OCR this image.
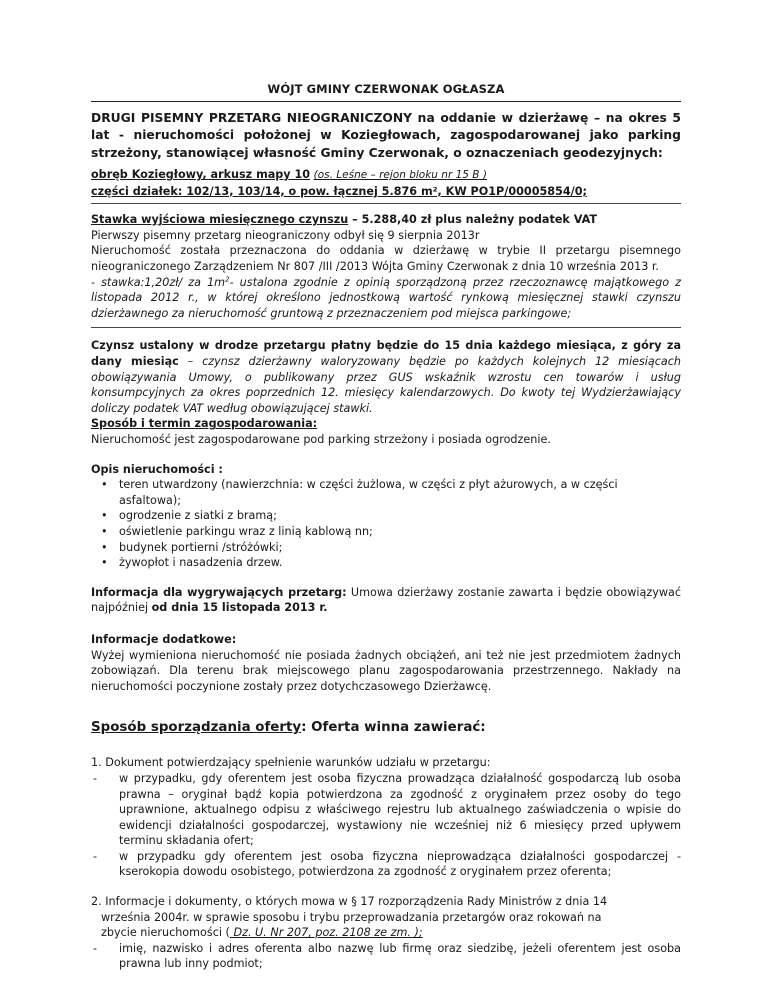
WÓJT GMINY CZERWONAK OGŁASZA

DRUGI PISEMNY PRZETARG NIEOGRANICZONY na oddanie w dzierżawę – na okres 5 lat - nieruchomości położonej w Koziegłowach, zagospodarowanej jako parking strzeżony, stanowiącej własność Gminy Czerwonak, o oznaczeniach geodezyjnych:

obręb Koziegłowy, arkusz mapy 10 (os. Leśne – rejon bloku nr 15 B )

części działek: 102/13, 103/14, o pow. łącznej 5.876 m², KW PO1P/00005854/0;

Stawka wyjściowa miesięcznego czynszu – 5.288,40 zł plus należny podatek VAT

Pierwszy pisemny przetarg nieograniczony odbył się 9 sierpnia 2013r

Nieruchomość została przeznaczona do oddania w dzierżawę w trybie II przetargu pisemnego nieograniczonego Zarządzeniem Nr 807 /III /2013 Wójta Gminy Czerwonak z dnia 10 września 2013 r.

- stawka:1,20zł/ za $1m^2-$ ustalona zgodnie z opinią sporządzoną przez rzeczoznawcę majątkowego z listopada 2012 r., w której określono jednostkową wartość rynkową miesięcznej stawki czynszu dzierżawnego za nieruchomość gruntową z przeznaczeniem pod miejsca parkingowe;

Czynsz ustalony w drodze przetargu płatny będzie do 15 dnia każdego miesiąca, z góry za dany miesiąc – czynsz dzierżawny waloryzowany będzie po każdych kolejnych 12 miesiącach obowiązywania Umowy, o publikowany przez GUS wskaźnik wzrostu cen towarów i usług konsumpcyjnych za okres poprzednich 12. miesięcy kalendarzowych. Do kwoty tej Wydzierżawiający doliczy podatek VAT według obowiązującej stawki.

Sposób i termin zagospodarowania:

Nieruchomość jest zagospodarowane pod parking strzeżony i posiada ogrodzenie.

Opis nieruchomości :

• teren utwardzony (nawierzchnia: w części żużlowa, w części z płyt ażurowych, a w części asfaltowa);
• ogrodzenie z siatki z bramą;
• oświetlenie parkingu wraz z linią kablową nn;
• budynek portierni /stróżówki;
• żywopłot i nasadzenia drzew.

Informacja dla wygrywających przetarg: Umowa dzierżawy zostanie zawarta i będzie obowiązywać najpóźniej od dnia 15 listopada 2013 r.

Informacje dodatkowe:

Wyżej wymieniona nieruchomość nie posiada żadnych obciążeń, ani też nie jest przedmiotem żadnych zobowiązań. Dla terenu brak miejscowego planu zagospodarowania przestrzennego. Nakłady na nieruchomości poczynione zostały przez dotychczasowego Dzierżawcę.

Sposób sporządzania oferty: Oferta winna zawierać:

1. Dokument potwierdzający spełnienie warunków udziału w przetargu:

- w przypadku, gdy oferentem jest osoba fizyczna prowadząca działalność gospodarczą lub osoba prawna – oryginał bądź kopia potwierdzona za zgodność z oryginałem przez osoby do tego uprawnione, aktualnego odpisu z właściwego rejestru lub aktualnego zaświadczenia o wpisie do ewidencji działalności gospodarczej, wystawiony nie wcześniej niż 6 miesięcy przed upływem terminu składania ofert;
- w przypadku gdy oferentem jest osoba fizyczna nieprowadząca działalności gospodarczej - kserokopia dowodu osobistego, potwierdzona za zgodność z oryginałem przez oferenta;

2. Informacje i dokumenty, o których mowa w § 17 rozporządzenia Rady Ministrów z dnia 14

września 2004r. w sprawie sposobu i trybu przeprowadzania przetargów oraz rokowań na

zbycie nieruchomości ( Dz. U. Nr 207, poz. 2108 ze zm. );

- imię, nazwisko i adres oferenta albo nazwę lub firmę oraz siedzibę, jeżeli oferentem jest osoba prawna lub inny podmiot;
